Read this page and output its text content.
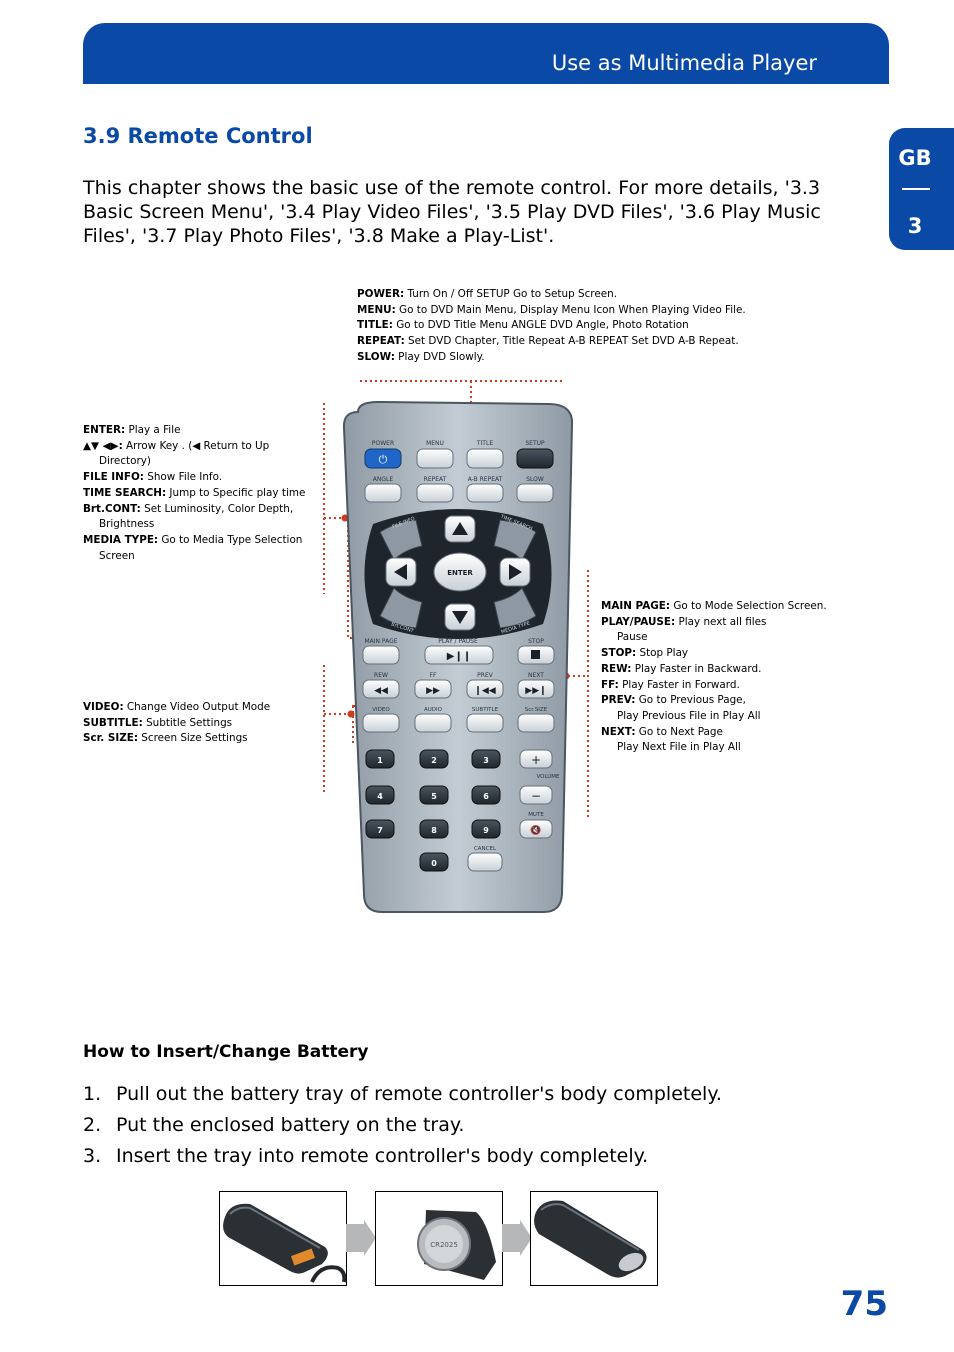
Use as Multimedia Player
GB
3
3.9 Remote Control
This chapter shows the basic use of the remote control. For more details, '3.3 Basic Screen Menu', '3.4 Play Video Files', '3.5 Play DVD Files', '3.6 Play Music Files', '3.7 Play Photo Files', '3.8 Make a Play-List'.
POWER: Turn On / Off SETUP Go to Setup Screen.
MENU: Go to DVD Main Menu, Display Menu Icon When Playing Video File.
TITLE: Go to DVD Title Menu ANGLE DVD Angle, Photo Rotation
REPEAT: Set DVD Chapter, Title Repeat A-B REPEAT Set DVD A-B Repeat.
SLOW: Play DVD Slowly.
ENTER: Play a File
▲▼ ◀▶: Arrow Key . (◀ Return to Up
Directory)
FILE INFO: Show File Info.
TIME SEARCH: Jump to Specific play time
Brt.CONT: Set Luminosity, Color Depth,
Brightness
MEDIA TYPE: Go to Media Type Selection
Screen
VIDEO: Change Video Output Mode
SUBTITLE: Subtitle Settings
Scr. SIZE: Screen Size Settings
MAIN PAGE: Go to Mode Selection Screen.
PLAY/PAUSE: Play next all files
Pause
STOP: Stop Play
REW: Play Faster in Backward.
FF: Play Faster in Forward.
PREV: Go to Previous Page,
Play Previous File in Play All
NEXT: Go to Next Page
Play Next File in Play All
POWER	MENU	TITLE	SETUP
⏻
ANGLE	REPEAT	A-B REPEAT	SLOW
ENTER
FILE INFO	TIME SEARCH
Brt.CONT	MEDIA TYPE
MAIN PAGE	PLAY / PAUSE	STOP
▶❙❙
REW	FF	PREV	NEXT
◀◀	▶▶	❙◀◀	▶▶❙
VIDEO	AUDIO	SUBTITLE	Scr.SIZE
1	2	3
4	5	6
7	8	9
0
+
−
🔇
VOLUME
MUTE
CANCEL
How to Insert/Change Battery
1. Pull out the battery tray of remote controller's body completely.
2. Put the enclosed battery on the tray.
3. Insert the tray into remote controller's body completely.
CR2025
75
